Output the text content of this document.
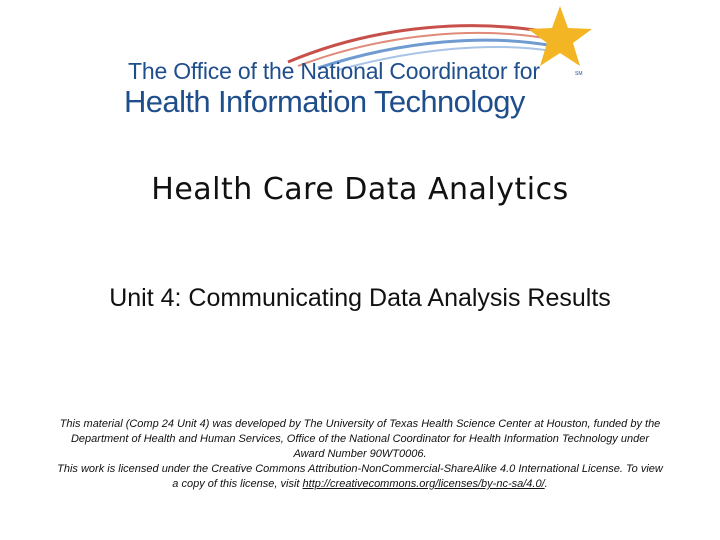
The Office of the National Coordinator for	SM
Health Information Technology
Health Care Data Analytics
Unit 4: Communicating Data Analysis Results

This material (Comp 24 Unit 4) was developed by The University of Texas Health Science Center at Houston, funded by the Department of Health and Human Services, Office of the National Coordinator for Health Information Technology under Award Number 90WT0006.

This work is licensed under the Creative Commons Attribution-NonCommercial-ShareAlike 4.0 International License. To view a copy of this license, visit http://creativecommons.org/licenses/by-nc-sa/4.0/.
